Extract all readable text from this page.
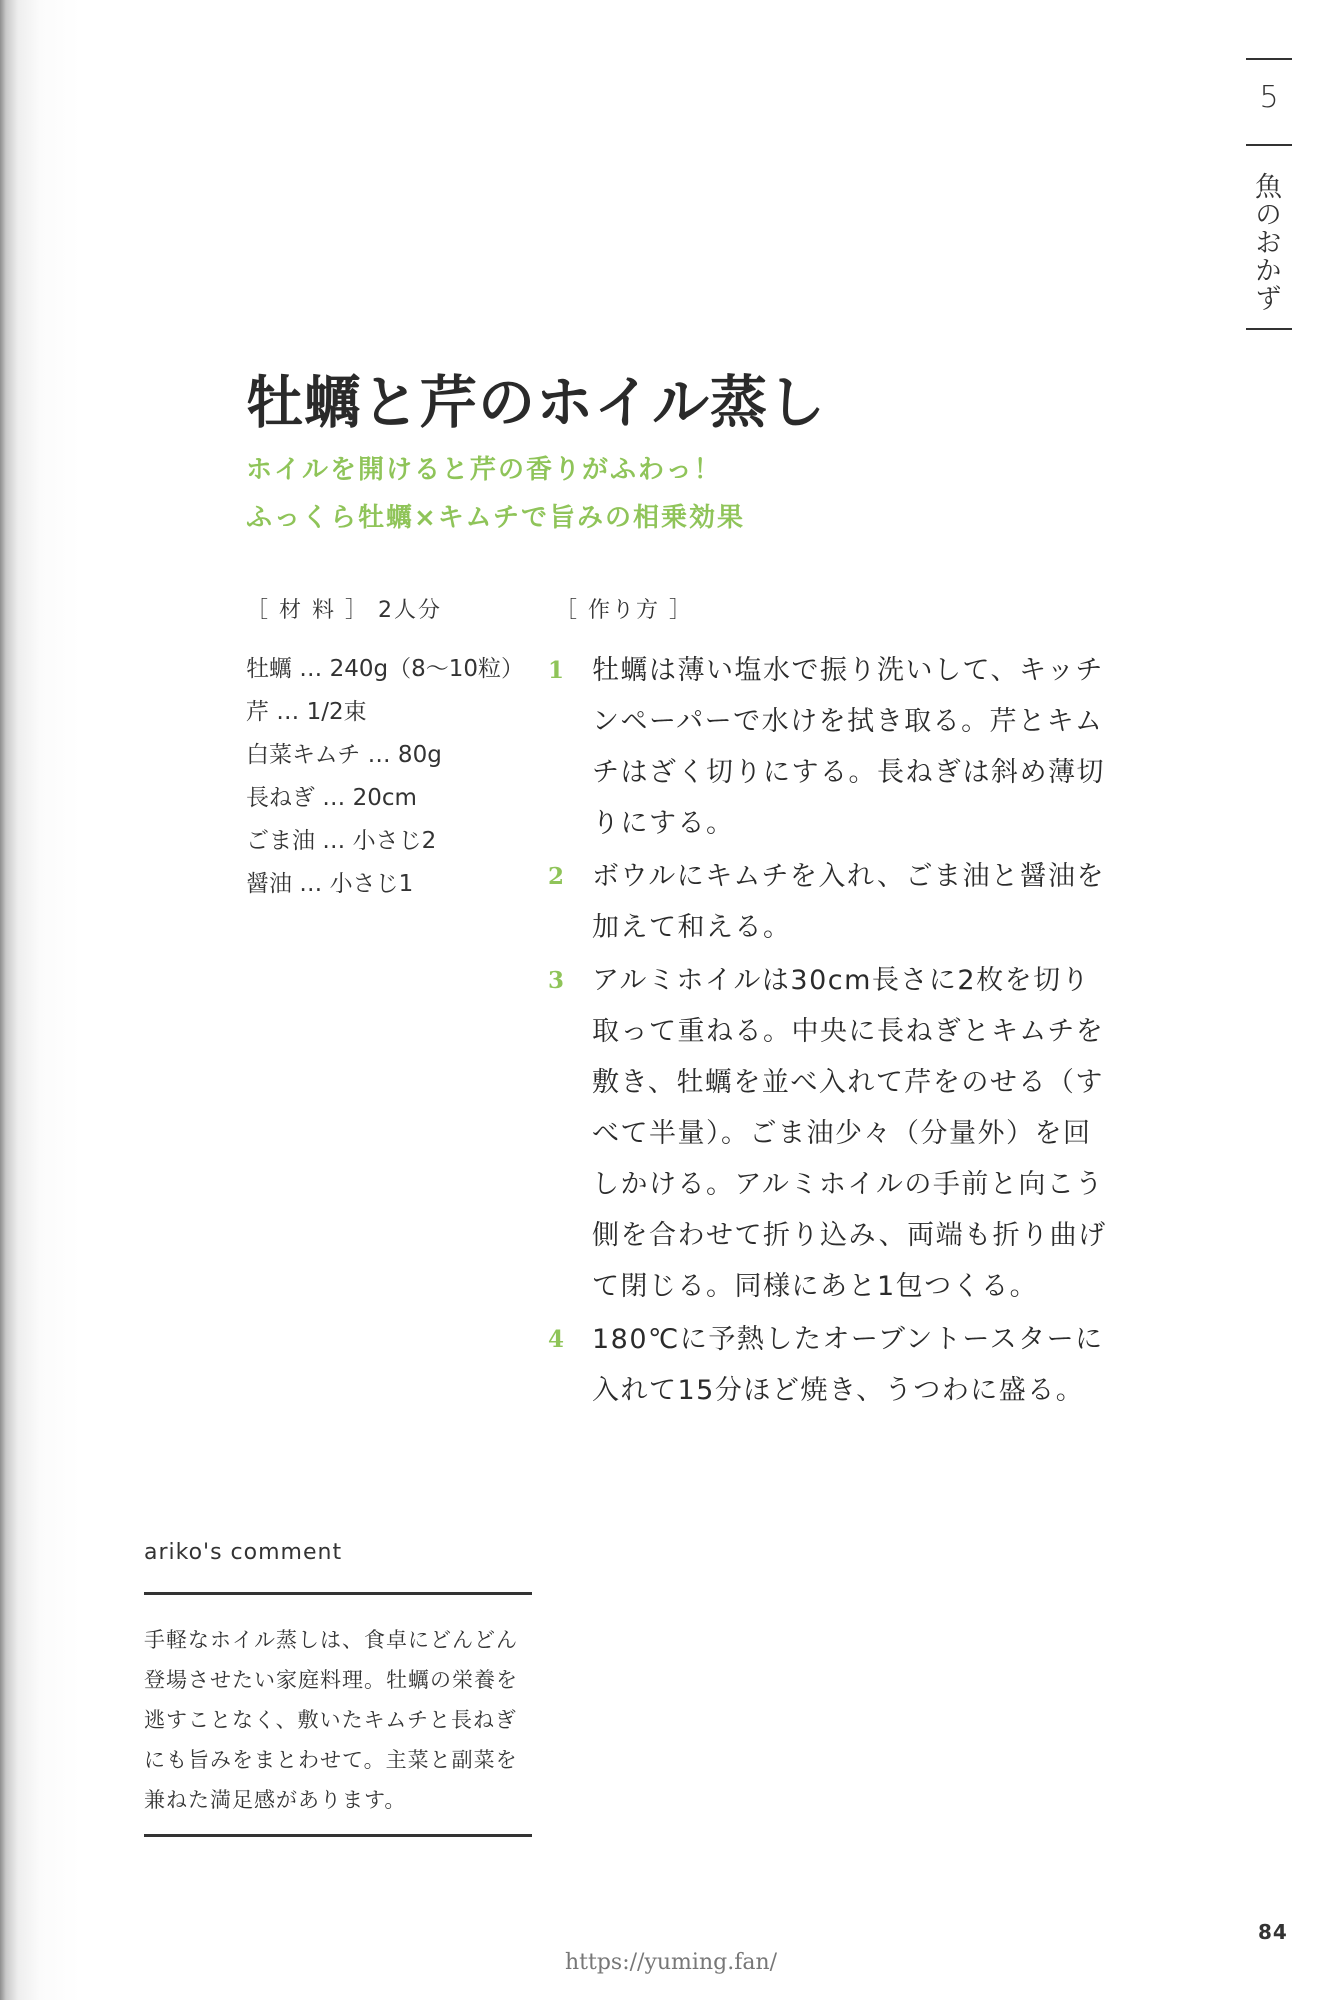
5
魚のおかず
牡蠣と芹のホイル蒸し
ホイルを開けると芹の香りがふわっ！
ふっくら牡蠣×キムチで旨みの相乗効果
［ 材 料 ］ 2人分
牡蠣 … 240g（8〜10粒）
芹 … 1/2束
白菜キムチ … 80g
長ねぎ … 20cm
ごま油 … 小さじ2
醤油 … 小さじ1
［ 作り方 ］
1 牡蠣は薄い塩水で振り洗いして、キッチンペーパーで水けを拭き取る。芹とキムチはざく切りにする。長ねぎは斜め薄切りにする。
2 ボウルにキムチを入れ、ごま油と醤油を加えて和える。
3 アルミホイルは30cm長さに2枚を切り取って重ねる。中央に長ねぎとキムチを敷き、牡蠣を並べ入れて芹をのせる（すべて半量）。ごま油少々（分量外）を回しかける。アルミホイルの手前と向こう側を合わせて折り込み、両端も折り曲げて閉じる。同様にあと1包つくる。
4 180℃に予熱したオーブントースターに入れて15分ほど焼き、うつわに盛る。
ariko's comment
手軽なホイル蒸しは、食卓にどんどん登場させたい家庭料理。牡蠣の栄養を逃すことなく、敷いたキムチと長ねぎにも旨みをまとわせて。主菜と副菜を兼ねた満足感があります。
84
https://yuming.fan/
